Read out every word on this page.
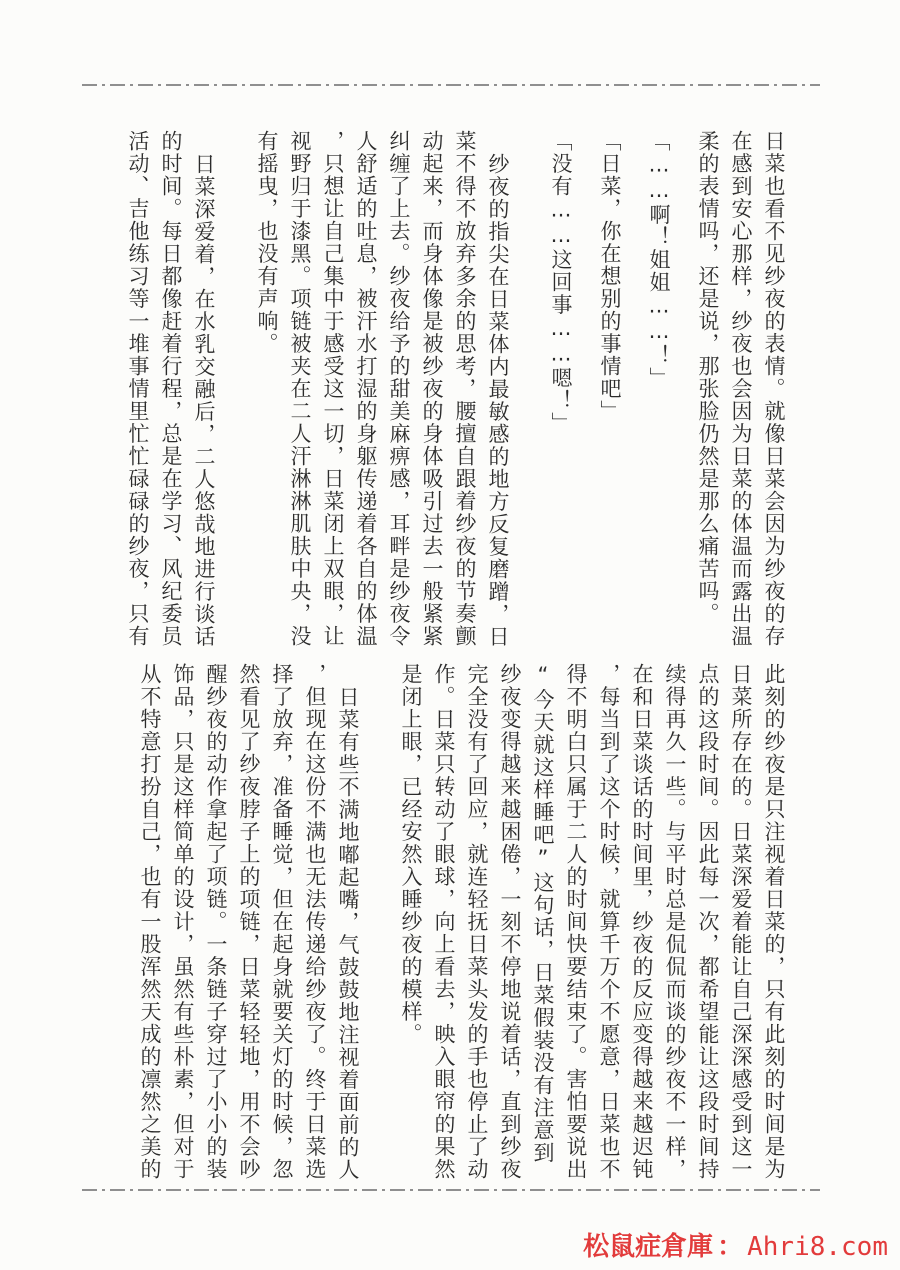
日菜也看不见纱夜的表情。就像日菜会因为纱夜的存在感到安心那样，纱夜也会因为日菜的体温而露出温柔的表情吗，还是说，那张脸仍然是那么痛苦吗。

「……啊！姐姐……！」

「日菜，你在想别的事情吧」

「没有……这回事……嗯！」

纱夜的指尖在日菜体内最敏感的地方反复磨蹭，日菜不得不放弃多余的思考，腰擅自跟着纱夜的节奏颤动起来，而身体像是被纱夜的身体吸引过去一般紧紧纠缠了上去。纱夜给予的甜美麻痹感，耳畔是纱夜令人舒适的吐息，被汗水打湿的身躯传递着各自的体温，只想让自己集中于感受这一切，日菜闭上双眼，让视野归于漆黑。项链被夹在二人汗淋淋肌肤中央，没有摇曳，也没有声响。

日菜深爱着，在水乳交融后，二人悠哉地进行谈话的时间。每日都像赶着行程，总是在学习、风纪委员活动、吉他练习等一堆事情里忙忙碌碌的纱夜，只有

此刻的纱夜是只注视着日菜的，只有此刻的时间是为日菜所存在的。日菜深爱着能让自己深深感受到这一点的这段时间。因此每一次，都希望能让这段时间持续得再久一些。与平时总是侃侃而谈的纱夜不一样，在和日菜谈话的时间里，纱夜的反应变得越来越迟钝，每当到了这个时候，就算千万个不愿意，日菜也不得不明白只属于二人的时间快要结束了。害怕要说出“今天就这样睡吧”这句话，日菜假装没有注意到纱夜变得越来越困倦，一刻不停地说着话，直到纱夜完全没有了回应，就连轻抚日菜头发的手也停止了动作。日菜只转动了眼球，向上看去，映入眼帘的果然是闭上眼，已经安然入睡纱夜的模样。

日菜有些不满地嘟起嘴，气鼓鼓地注视着面前的人，但现在这份不满也无法传递给纱夜了。终于日菜选择了放弃，准备睡觉，但在起身就要关灯的时候，忽然看见了纱夜脖子上的项链，日菜轻轻地，用不会吵醒纱夜的动作拿起了项链。一条链子穿过了小小的装饰品，只是这样简单的设计，虽然有些朴素，但对于从不特意打扮自己，也有一股浑然天成的凛然之美的

松鼠症倉庫 ： Ahri8.com
